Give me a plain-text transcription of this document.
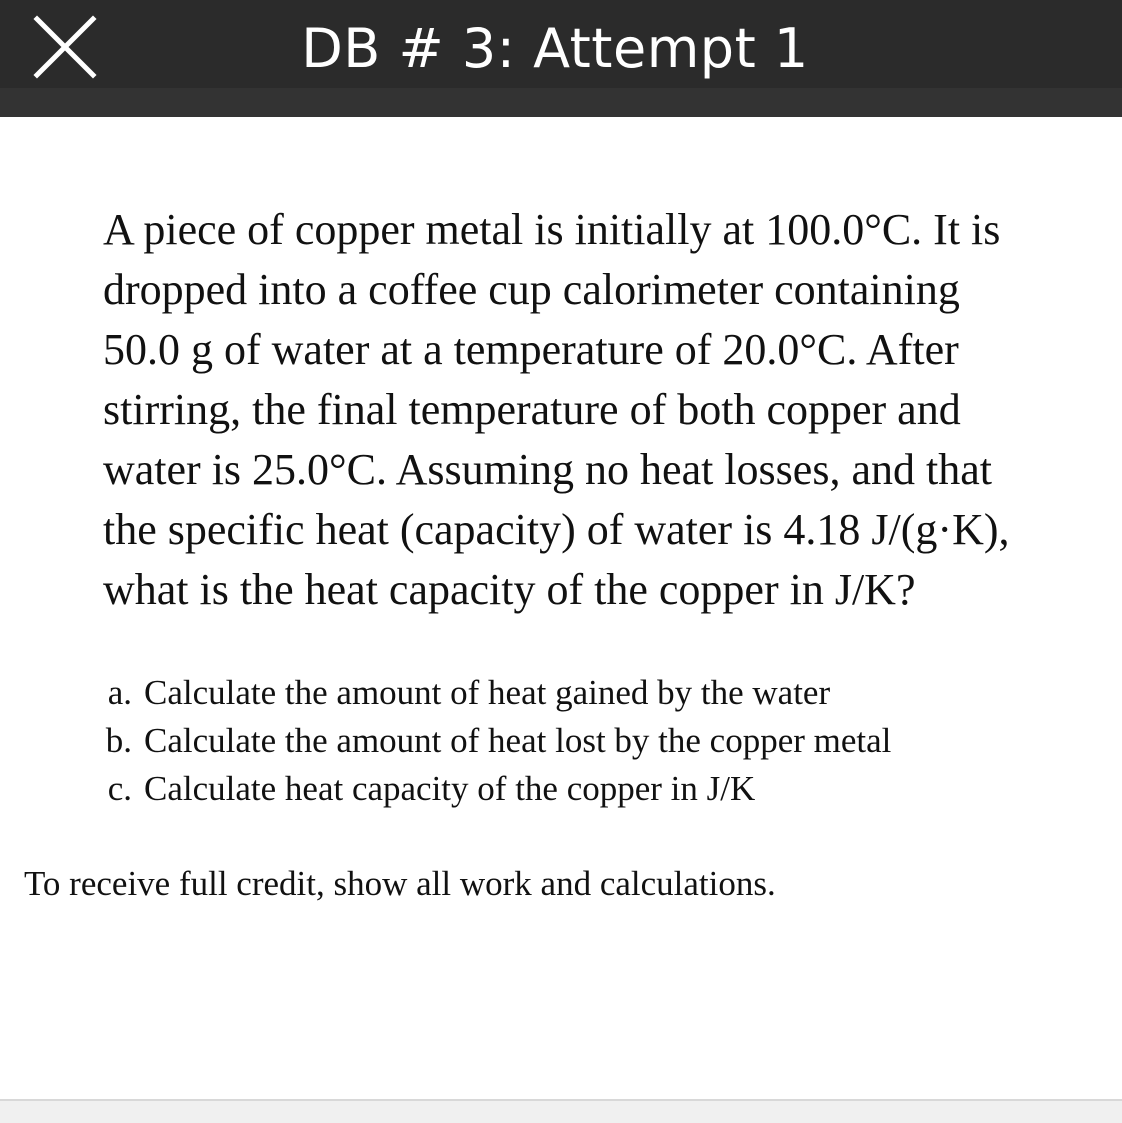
DB # 3: Attempt 1

A piece of copper metal is initially at 100.0°C. It is
dropped into a coffee cup calorimeter containing
50.0 g of water at a temperature of 20.0°C. After
stirring, the final temperature of both copper and
water is 25.0°C. Assuming no heat losses, and that
the specific heat (capacity) of water is 4.18 J/(g·K),
what is the heat capacity of the copper in J/K?

a. Calculate the amount of heat gained by the water
b. Calculate the amount of heat lost by the copper metal
c. Calculate heat capacity of the copper in J/K

To receive full credit, show all work and calculations.
